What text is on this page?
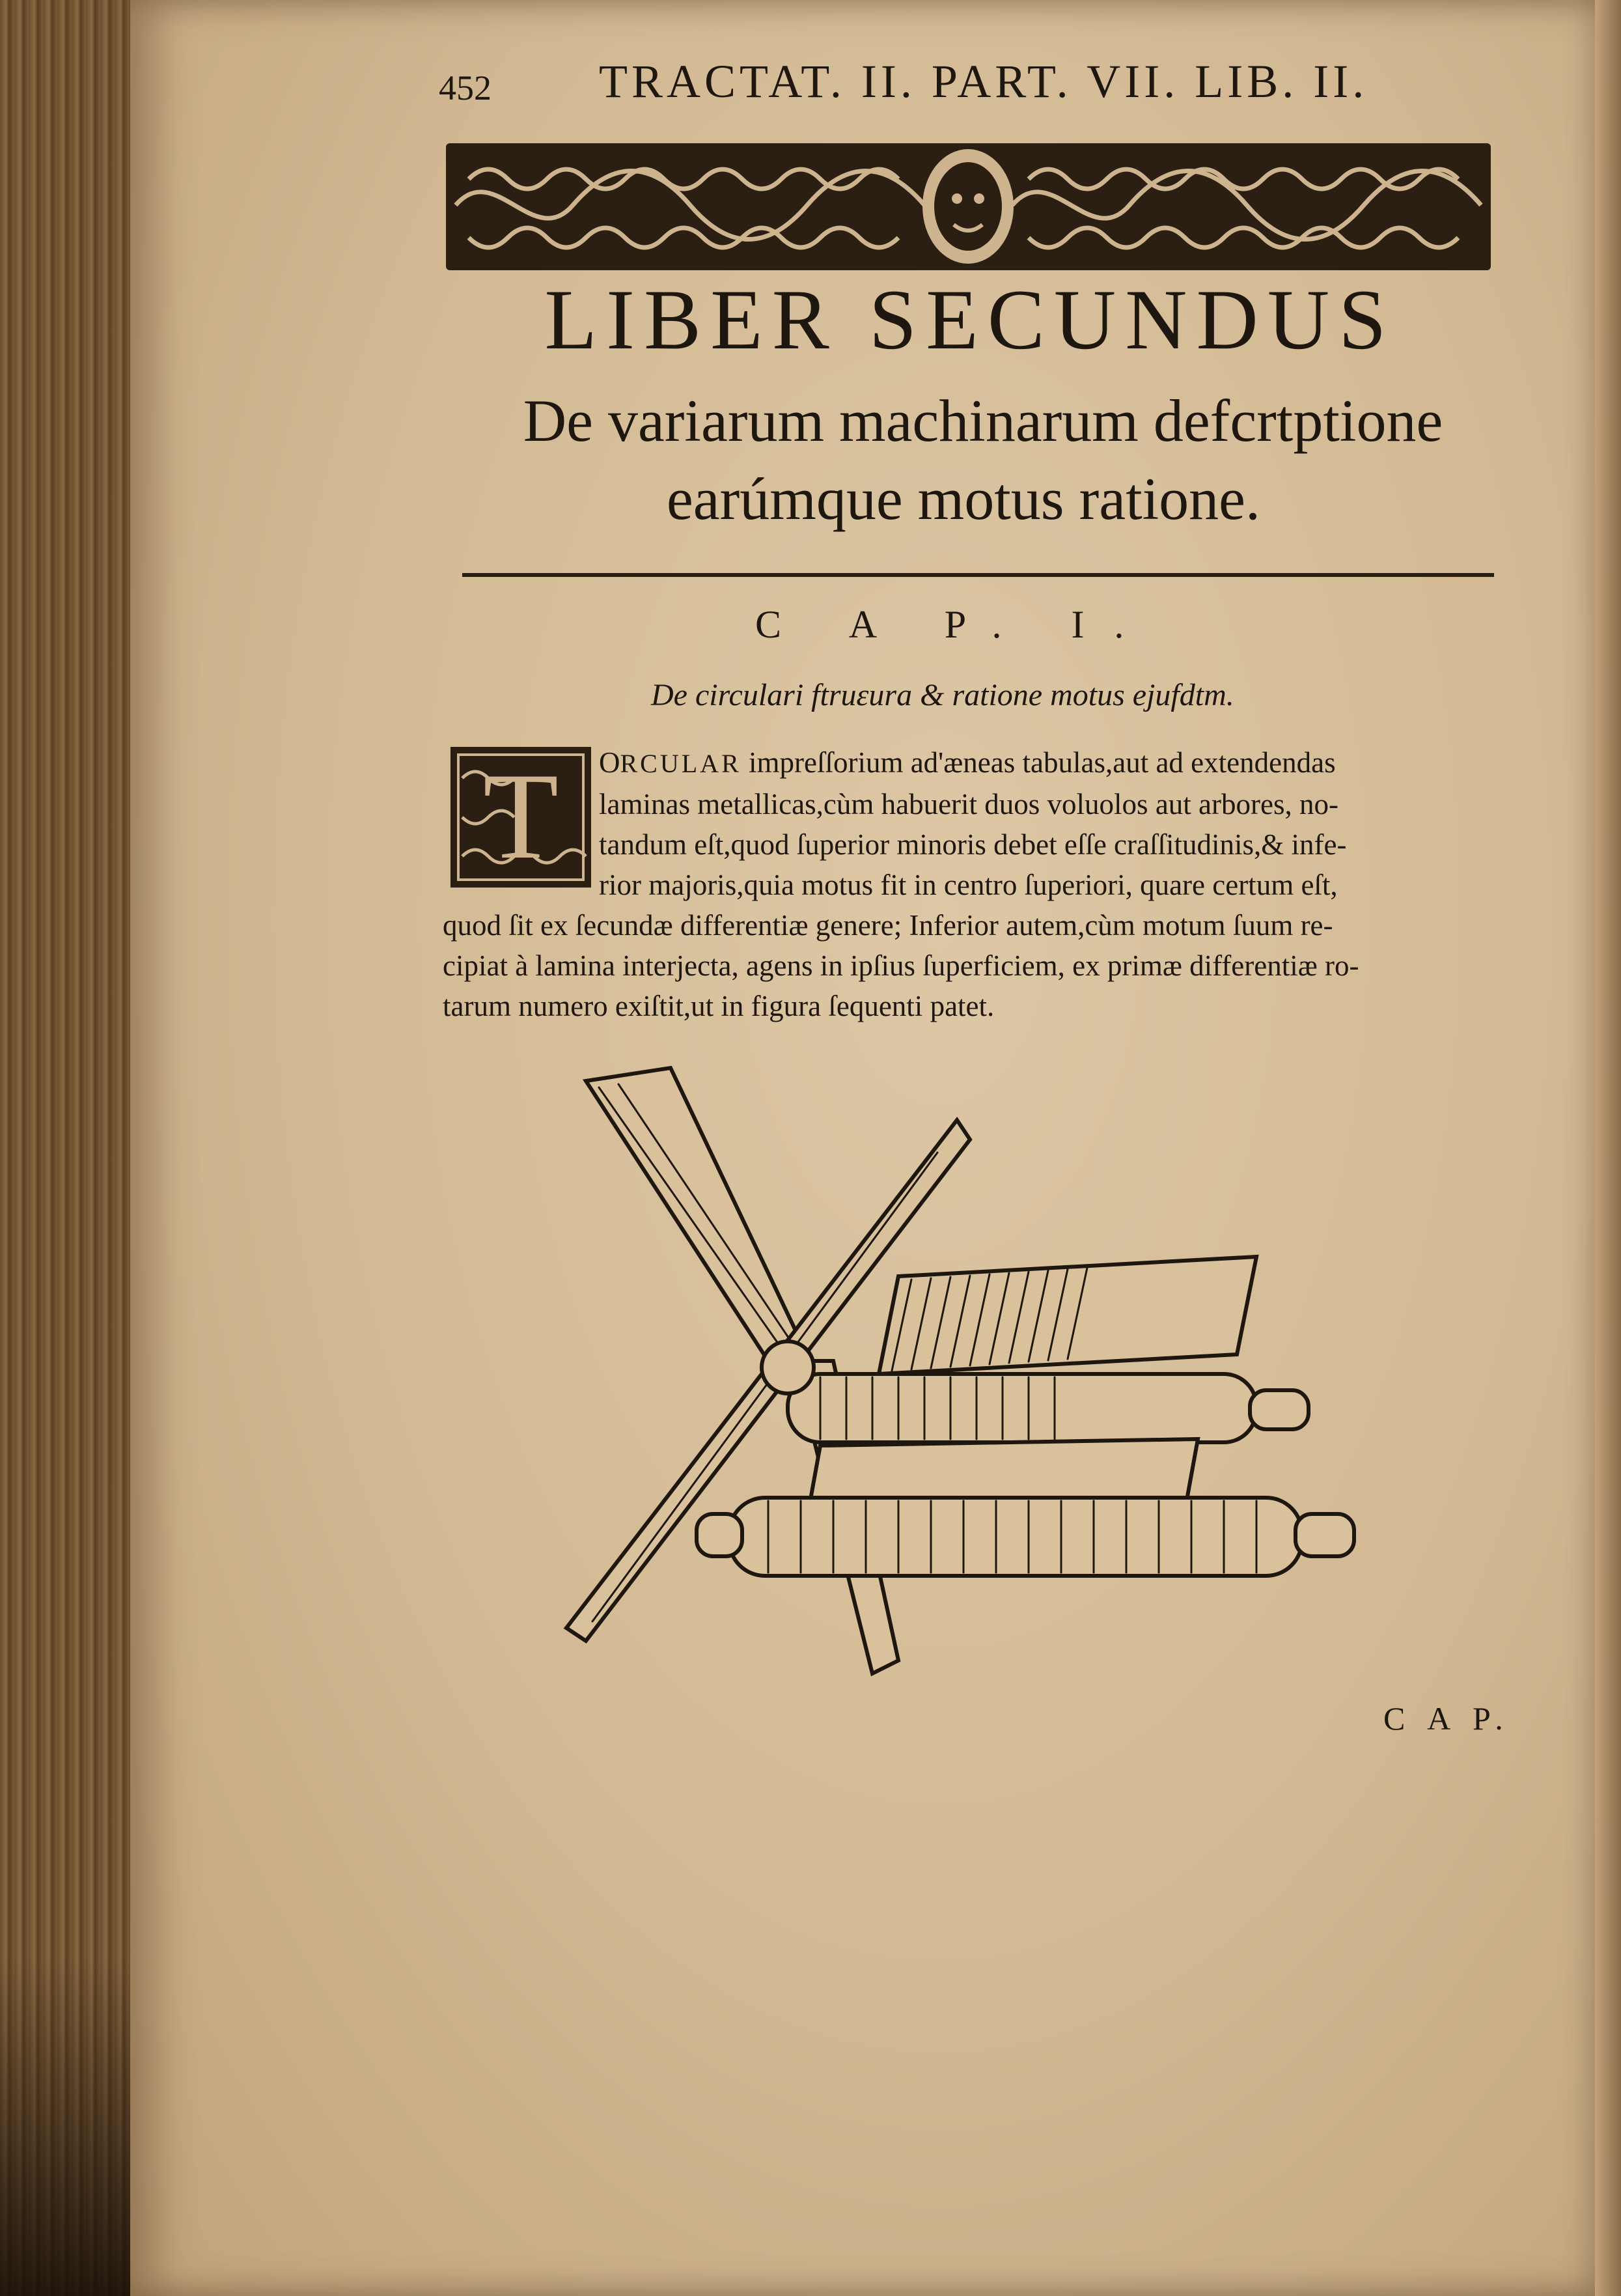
452 TRACTAT. II. PART. VII. LIB. II.
LIBER SECUNDUS
De variarum machinarum defcrtptione
earúmque motus ratione.
C A P. I.
De circulari ftruɛura & ratione motus ejufdtm.
T	ORCULAR impreſſorium ad'æneas tabulas,aut ad extendendas
laminas metallicas,cùm habuerit duos voluolos aut arbores, no-
tandum eſt,quod ſuperior minoris debet eſſe craſſitudinis,& infe-
rior majoris,quia motus fit in centro ſuperiori, quare certum eſt,
quod ſit ex ſecundæ differentiæ genere; Inferior autem,cùm motum ſuum re-
cipiat à lamina interjecta, agens in ipſius ſuperficiem, ex primæ differentiæ ro-
tarum numero exiſtit,ut in figura ſequenti patet.
C A P.
